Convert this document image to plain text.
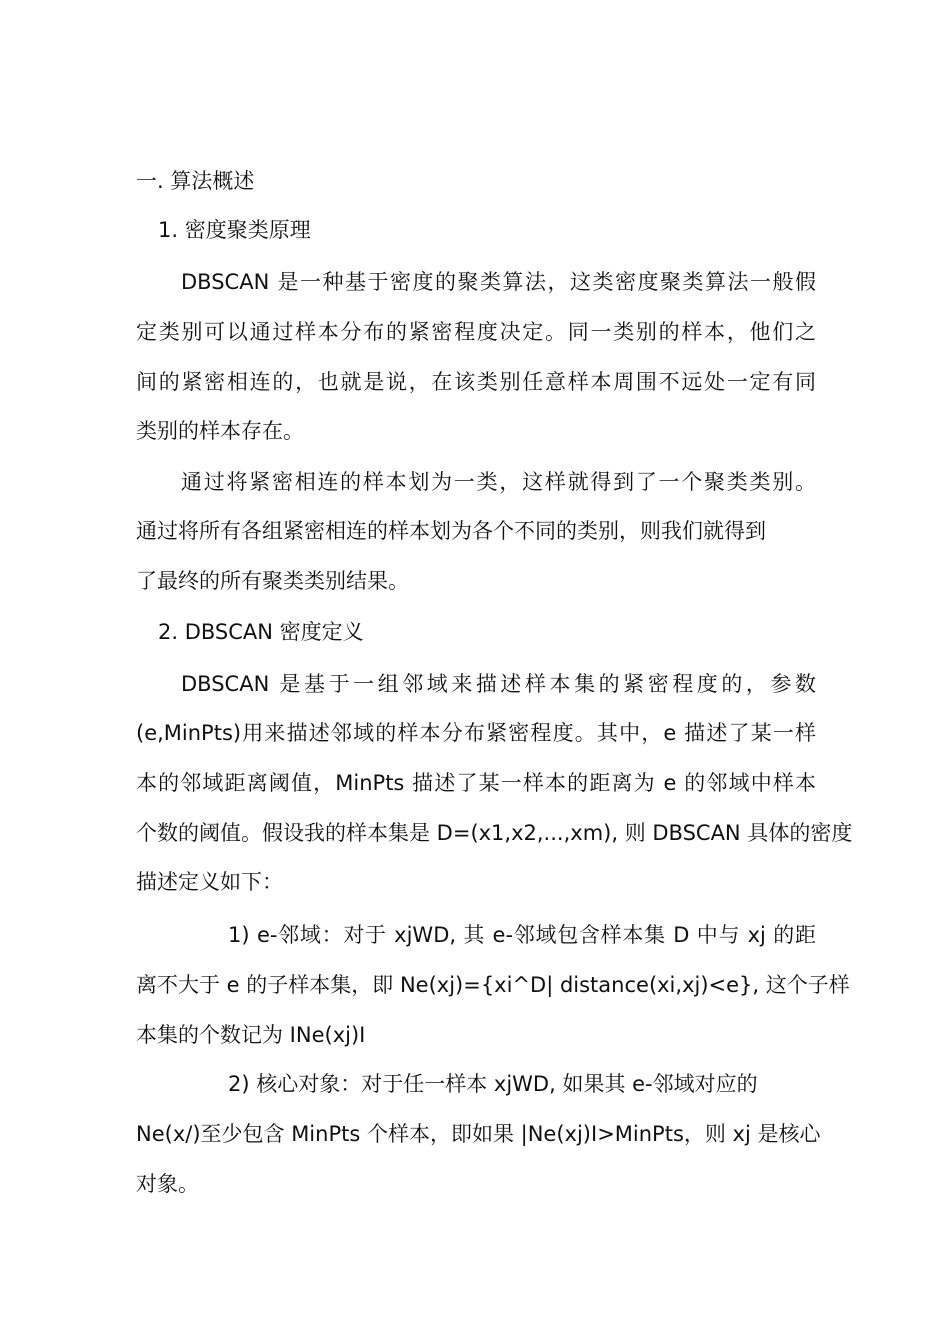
一. 算法概述
1. 密度聚类原理
DBSCAN 是一种基于密度的聚类算法，这类密度聚类算法一般假
定类别可以通过样本分布的紧密程度决定。同一类别的样本，他们之
间的紧密相连的，也就是说，在该类别任意样本周围不远处一定有同
类别的样本存在。
通过将紧密相连的样本划为一类，这样就得到了一个聚类类别。
通过将所有各组紧密相连的样本划为各个不同的类别，则我们就得到
了最终的所有聚类类别结果。
2. DBSCAN 密度定义
DBSCAN 是基于一组邻域来描述样本集的紧密程度的，参数
(e,MinPts)用来描述邻域的样本分布紧密程度。其中，e 描述了某一样
本的邻域距离阈值，MinPts 描述了某一样本的距离为 e 的邻域中样本
个数的阈值。假设我的样本集是 D=(x1,x2,...,xm), 则 DBSCAN 具体的密度
描述定义如下：
1) e-邻域：对于 xjWD, 其 e-邻域包含样本集 D 中与 xj 的距
离不大于 e 的子样本集，即 Ne(xj)={xi^D| distance(xi,xj)<e}, 这个子样
本集的个数记为 INe(xj)I
2) 核心对象：对于任一样本 xjWD, 如果其 e-邻域对应的
Ne(x/)至少包含 MinPts 个样本，即如果 |Ne(xj)I>MinPts，则 xj 是核心
对象。
